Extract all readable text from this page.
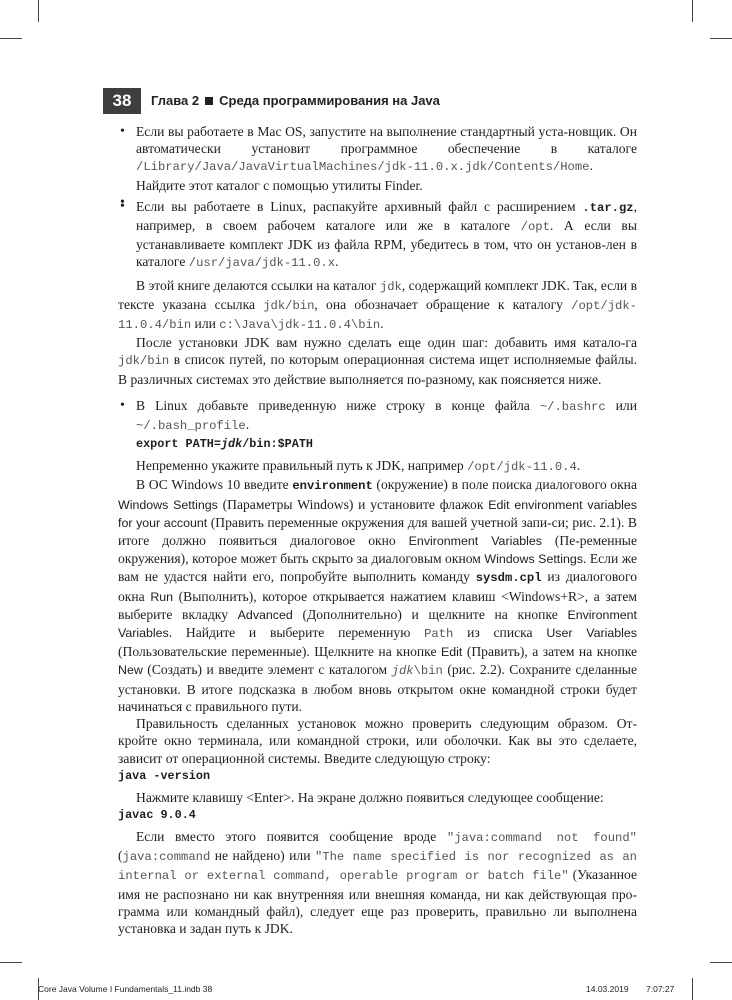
38	Глава 2 Среда программирования на Java
• Если вы работаете в Mac OS, запустите на выполнение стандартный уста-новщик. Он автоматически установит программное обеспечение в каталоге /Library/Java/JavaVirtualMachines/jdk-11.0.x.jdk/Contents/Home. Найдите этот каталог с помощью утилиты Finder.
•
• Если вы работаете в Linux, распакуйте архивный файл с расширением .tar.gz, например, в своем рабочем каталоге или же в каталоге /opt. А если вы устанавливаете комплект JDK из файла RPM, убедитесь в том, что он установ-лен в каталоге /usr/java/jdk-11.0.x.

В этой книге делаются ссылки на каталог jdk, содержащий комплект JDK. Так, если в тексте указана ссылка jdk/bin, она обозначает обращение к каталогу /opt/jdk-11.0.4/bin или c:\Java\jdk-11.0.4\bin.

После установки JDK вам нужно сделать еще один шаг: добавить имя катало-га jdk/bin в список путей, по которым операционная система ищет исполняемые файлы. В различных системах это действие выполняется по-разному, как поясняется ниже.

• В Linux добавьте приведенную ниже строку в конце файла ~/.bashrc или ~/.bash_profile.
export PATH=jdk/bin:$PATH

Непременно укажите правильный путь к JDK, например /opt/jdk-11.0.4.

В ОС Windows 10 введите environment (окружение) в поле поиска диалогового окна Windows Settings (Параметры Windows) и установите флажок Edit environment variables for your account (Править переменные окружения для вашей учетной запи-си; рис. 2.1). В итоге должно появиться диалоговое окно Environment Variables (Пе-ременные окружения), которое может быть скрыто за диалоговым окном Windows Settings. Если же вам не удастся найти его, попробуйте выполнить команду sysdm.cpl из диалогового окна Run (Выполнить), которое открывается нажатием клавиш <Windows+R>, а затем выберите вкладку Advanced (Дополнительно) и щелкните на кнопке Environment Variables. Найдите и выберите переменную Path из списка User Variables (Пользовательские переменные). Щелкните на кнопке Edit (Править), а затем на кнопке New (Создать) и введите элемент с каталогом jdk\bin (рис. 2.2). Сохраните сделанные установки. В итоге подсказка в любом вновь открытом окне командной строки будет начинаться с правильного пути.

Правильность сделанных установок можно проверить следующим образом. От-кройте окно терминала, или командной строки, или оболочки. Как вы это сделаете, зависит от операционной системы. Введите следующую строку:

java -version

Нажмите клавишу <Enter>. На экране должно появиться следующее сообщение:

javac 9.0.4

Если вместо этого появится сообщение вроде "java:command not found" (java:command не найдено) или "The name specified is nor recognized as an internal or external command, operable program or batch file" (Указанное имя не распознано ни как внутренняя или внешняя команда, ни как действующая про-грамма или командный файл), следует еще раз проверить, правильно ли выполнена установка и задан путь к JDK.

Core Java Volume I Fundamentals_11.indb 38	14.03.2019 7:07:27
